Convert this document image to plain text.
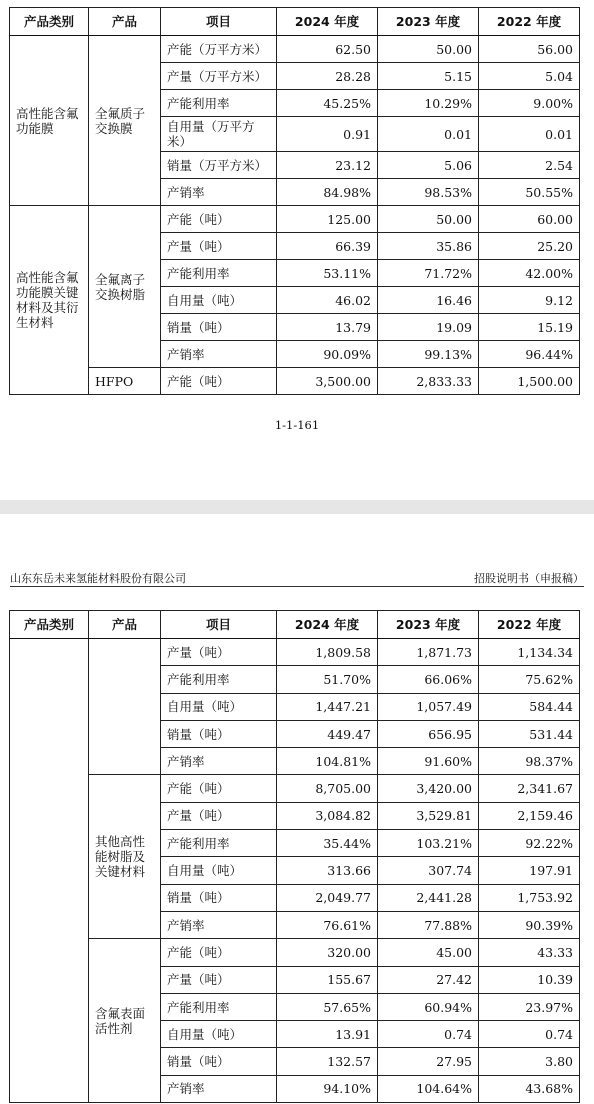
产品类别	产品	项目	2024 年度	2023 年度	2022 年度
高性能含氟功能膜	全氟质子交换膜	产能（万平方米）	62.50	50.00	56.00
		产量（万平方米）	28.28	5.15	5.04
		产能利用率	45.25%	10.29%	9.00%
		自用量（万平方米）	0.91	0.01	0.01
		销量（万平方米）	23.12	5.06	2.54
		产销率	84.98%	98.53%	50.55%
高性能含氟功能膜关键材料及其衍生材料	全氟离子交换树脂	产能（吨）	125.00	50.00	60.00
		产量（吨）	66.39	35.86	25.20
		产能利用率	53.11%	71.72%	42.00%
		自用量（吨）	46.02	16.46	9.12
		销量（吨）	13.79	19.09	15.19
		产销率	90.09%	99.13%	96.44%
	HFPO	产能（吨）	3,500.00	2,833.33	1,500.00
1-1-161
山东东岳未来氢能材料股份有限公司	招股说明书（申报稿）
产品类别	产品	项目	2024 年度	2023 年度	2022 年度
		产量（吨）	1,809.58	1,871.73	1,134.34
		产能利用率	51.70%	66.06%	75.62%
		自用量（吨）	1,447.21	1,057.49	584.44
		销量（吨）	449.47	656.95	531.44
		产销率	104.81%	91.60%	98.37%
	其他高性能树脂及关键材料	产能（吨）	8,705.00	3,420.00	2,341.67
		产量（吨）	3,084.82	3,529.81	2,159.46
		产能利用率	35.44%	103.21%	92.22%
		自用量（吨）	313.66	307.74	197.91
		销量（吨）	2,049.77	2,441.28	1,753.92
		产销率	76.61%	77.88%	90.39%
	含氟表面活性剂	产能（吨）	320.00	45.00	43.33
		产量（吨）	155.67	27.42	10.39
		产能利用率	57.65%	60.94%	23.97%
		自用量（吨）	13.91	0.74	0.74
		销量（吨）	132.57	27.95	3.80
		产销率	94.10%	104.64%	43.68%
